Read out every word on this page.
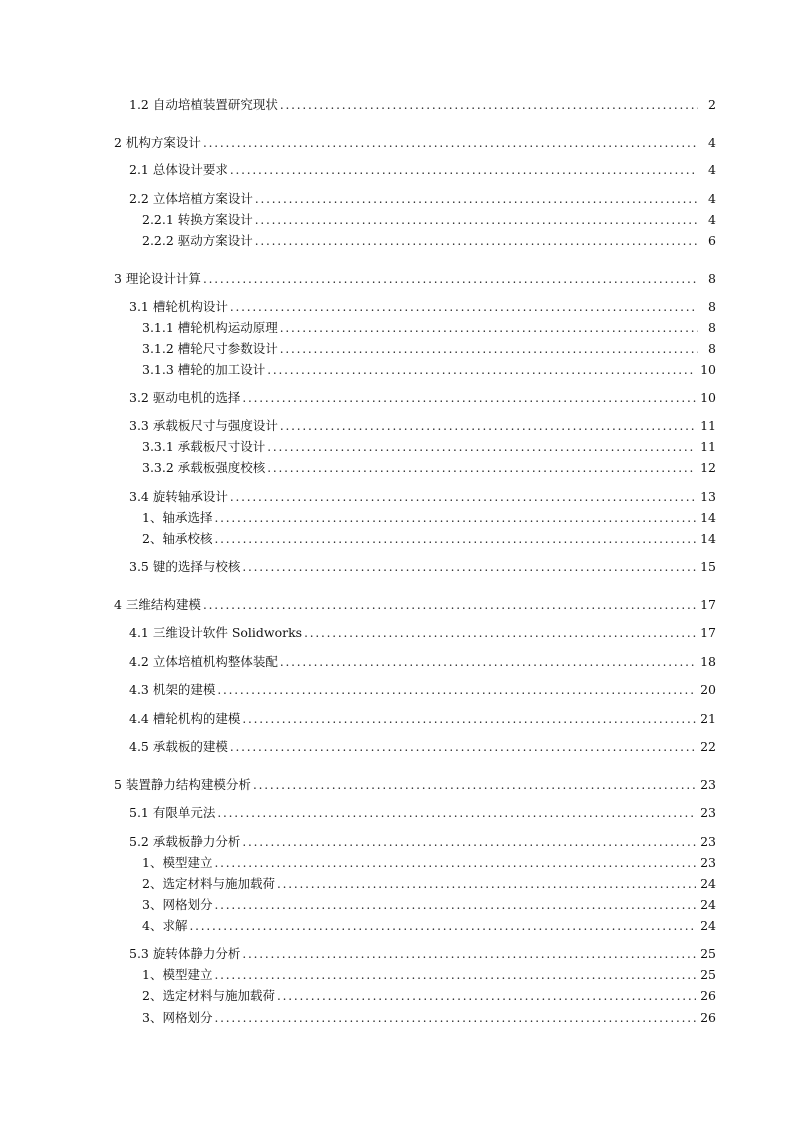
1.2 自动培植装置研究现状 . . .	2
2 机构方案设计 . . .	4
2.1 总体设计要求 . . .	4
2.2 立体培植方案设计 . . .	4
2.2.1 转换方案设计 . . .	4
2.2.2 驱动方案设计 . . .	6
3 理论设计计算 . . .	8
3.1 槽轮机构设计 . . .	8
3.1.1 槽轮机构运动原理 . . .	8
3.1.2 槽轮尺寸参数设计 . . .	8
3.1.3 槽轮的加工设计 . . .	10
3.2 驱动电机的选择 . . .	10
3.3 承载板尺寸与强度设计 . . .	11
3.3.1 承载板尺寸设计 . . .	11
3.3.2 承载板强度校核 . . .	12
3.4 旋转轴承设计 . . .	13
1、轴承选择 . . .	14
2、轴承校核 . . .	14
3.5 键的选择与校核 . . .	15
4 三维结构建模 . . .	17
4.1 三维设计软件 Solidworks . . .	17
4.2 立体培植机构整体装配 . . .	18
4.3 机架的建模 . . .	20
4.4 槽轮机构的建模 . . .	21
4.5 承载板的建模 . . .	22
5 装置静力结构建模分析 . . .	23
5.1 有限单元法 . . .	23
5.2 承载板静力分析 . . .	23
1、模型建立 . . .	23
2、选定材料与施加载荷 . . .	24
3、网格划分 . . .	24
4、求解 . . .	24
5.3 旋转体静力分析 . . .	25
1、模型建立 . . .	25
2、选定材料与施加载荷 . . .	26
3、网格划分 . . .	26
